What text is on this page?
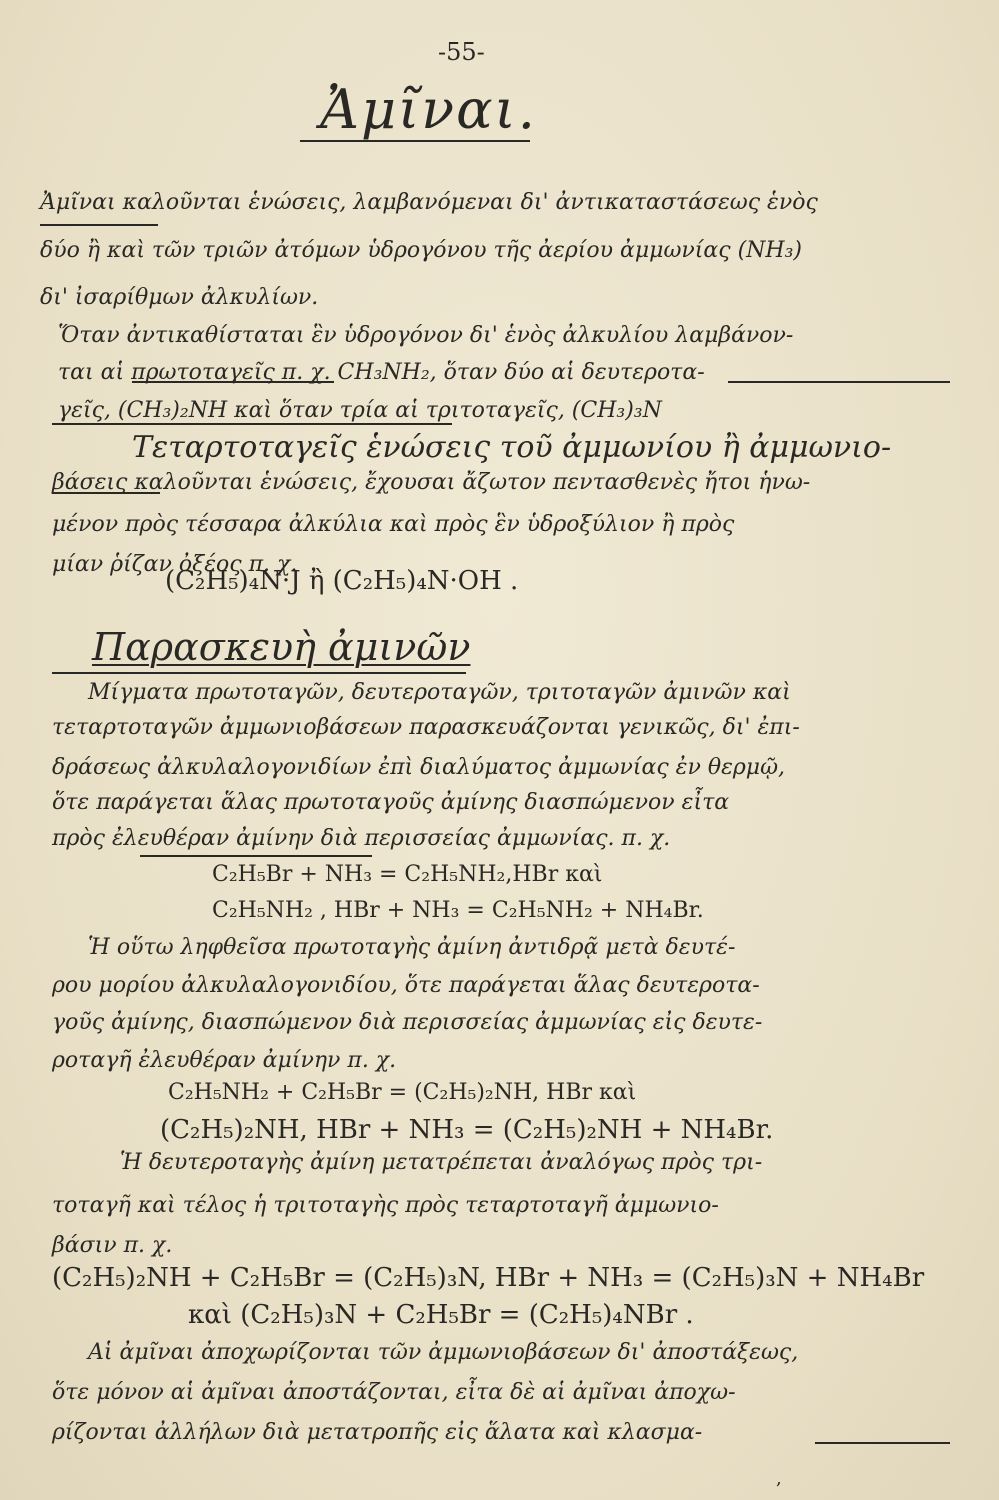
-55-
Ἀμῖναι.
Ἀμῖναι καλοῦνται ἑνώσεις, λαμβανόμεναι δι' ἀντικαταστάσεως ἑνὸς
δύο ἢ καὶ τῶν τριῶν ἀτόμων ὑδρογόνου τῆς ἀερίου ἀμμωνίας (NH₃)
δι' ἰσαρίθμων ἀλκυλίων.
Ὅταν ἀντικαθίσταται ἓν ὑδρογόνον δι' ἑνὸς ἀλκυλίου λαμβάνον-
ται αἱ πρωτοταγεῖς π. χ. CH₃NH₂, ὅταν δύο αἱ δευτεροτα-
γεῖς, (CH₃)₂NH καὶ ὅταν τρία αἱ τριτοταγεῖς, (CH₃)₃N
Τεταρτοταγεῖς ἑνώσεις τοῦ ἀμμωνίου ἢ ἀμμωνιο-
βάσεις καλοῦνται ἑνώσεις, ἔχουσαι ἄζωτον πεντασθενὲς ἤτοι ἡνω-
μένον πρὸς τέσσαρα ἀλκύλια καὶ πρὸς ἓν ὑδροξύλιον ἢ πρὸς
μίαν ῥίζαν ὀξέος π. χ.
(C₂H₅)₄N·J ἢ (C₂H₅)₄N·OH .
Παρασκευὴ ἀμινῶν
Μίγματα πρωτοταγῶν, δευτεροταγῶν, τριτοταγῶν ἀμινῶν καὶ
τεταρτοταγῶν ἀμμωνιοβάσεων παρασκευάζονται γενικῶς, δι' ἐπι-
δράσεως ἀλκυλαλογονιδίων ἐπὶ διαλύματος ἀμμωνίας ἐν θερμῷ,
ὅτε παράγεται ἅλας πρωτοταγοῦς ἀμίνης διασπώμενον εἶτα
πρὸς ἐλευθέραν ἀμίνην διὰ περισσείας ἀμμωνίας. π. χ.
C₂H₅Br + NH₃ = C₂H₅NH₂,HBr καὶ
C₂H₅NH₂ , HBr + NH₃ = C₂H₅NH₂ + NH₄Br.
Ἡ οὕτω ληφθεῖσα πρωτοταγὴς ἀμίνη ἀντιδρᾷ μετὰ δευτέ-
ρου μορίου ἀλκυλαλογονιδίου, ὅτε παράγεται ἅλας δευτεροτα-
γοῦς ἀμίνης, διασπώμενον διὰ περισσείας ἀμμωνίας εἰς δευτε-
ροταγῆ ἐλευθέραν ἀμίνην π. χ.
C₂H₅NH₂ + C₂H₅Br = (C₂H₅)₂NH, HBr καὶ
(C₂H₅)₂NH, HBr + NH₃ = (C₂H₅)₂NH + NH₄Br.
Ἡ δευτεροταγὴς ἀμίνη μετατρέπεται ἀναλόγως πρὸς τρι-
τοταγῆ καὶ τέλος ἡ τριτοταγὴς πρὸς τεταρτοταγῆ ἀμμωνιο-
βάσιν π. χ.
(C₂H₅)₂NH + C₂H₅Br = (C₂H₅)₃N, HBr + NH₃ = (C₂H₅)₃N + NH₄Br
καὶ (C₂H₅)₃N + C₂H₅Br = (C₂H₅)₄NBr .
Αἱ ἀμῖναι ἀποχωρίζονται τῶν ἀμμωνιοβάσεων δι' ἀποστάξεως,
ὅτε μόνον αἱ ἀμῖναι ἀποστάζονται, εἶτα δὲ αἱ ἀμῖναι ἀποχω-
ρίζονται ἀλλήλων διὰ μετατροπῆς εἰς ἅλατα καὶ κλασμα-
,
